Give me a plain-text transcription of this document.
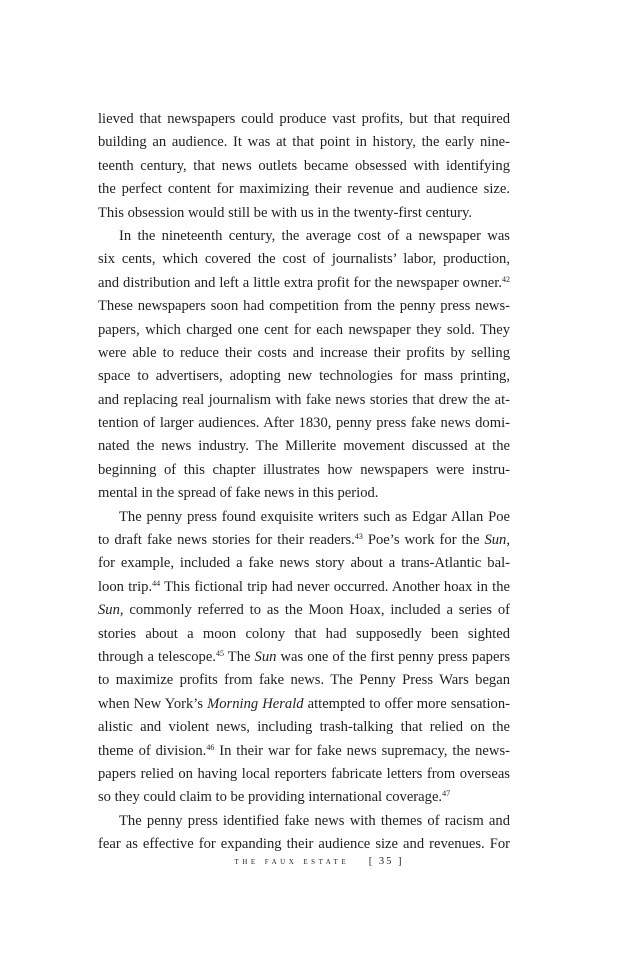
lieved that newspapers could produce vast profits, but that required
building an audience. It was at that point in history, the early nine-
teenth century, that news outlets became obsessed with identifying
the perfect content for maximizing their revenue and audience size.
This obsession would still be with us in the twenty-first century.
In the nineteenth century, the average cost of a newspaper was
six cents, which covered the cost of journalists’ labor, production,
and distribution and left a little extra profit for the newspaper owner.$^{42}$
These newspapers soon had competition from the penny press news-
papers, which charged one cent for each newspaper they sold. They
were able to reduce their costs and increase their profits by selling
space to advertisers, adopting new technologies for mass printing,
and replacing real journalism with fake news stories that drew the at-
tention of larger audiences. After 1830, penny press fake news domi-
nated the news industry. The Millerite movement discussed at the
beginning of this chapter illustrates how newspapers were instru-
mental in the spread of fake news in this period.
The penny press found exquisite writers such as Edgar Allan Poe
to draft fake news stories for their readers.$^{43}$ Poe’s work for the Sun,
for example, included a fake news story about a trans-Atlantic bal-
loon trip.$^{44}$ This fictional trip had never occurred. Another hoax in the
Sun, commonly referred to as the Moon Hoax, included a series of
stories about a moon colony that had supposedly been sighted
through a telescope.$^{45}$ The Sun was one of the first penny press papers
to maximize profits from fake news. The Penny Press Wars began
when New York’s Morning Herald attempted to offer more sensation-
alistic and violent news, including trash-talking that relied on the
theme of division.$^{46}$ In their war for fake news supremacy, the news-
papers relied on having local reporters fabricate letters from overseas
so they could claim to be providing international coverage.$^{47}$
The penny press identified fake news with themes of racism and
fear as effective for expanding their audience size and revenues. For
the faux estate [ 35 ]
